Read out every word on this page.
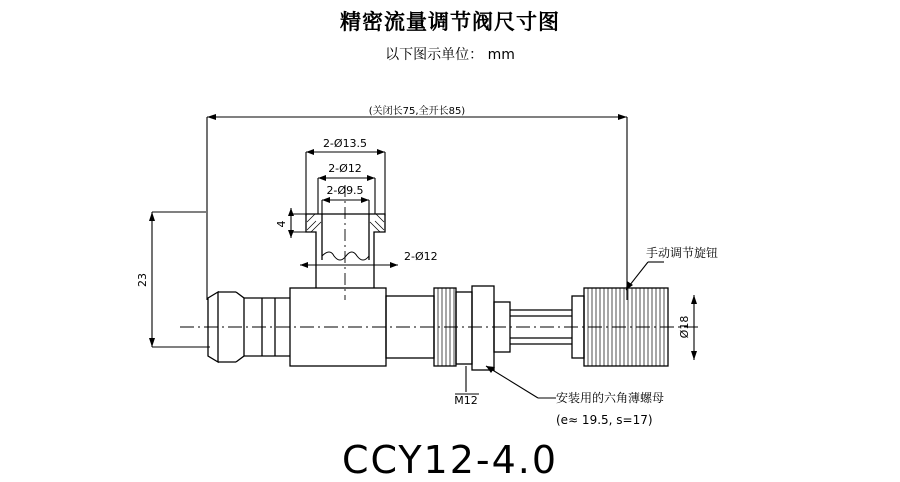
精密流量调节阀尺寸图
以下图示单位： mm
(关闭长75,全开长85)
2-Ø13.5
2-Ø12
2-Ø9.5
4
2-Ø12
23
Ø18
M12
手动调节旋钮
安装用的六角薄螺母
(e≈ 19.5, s=17)
CCY12-4.0
